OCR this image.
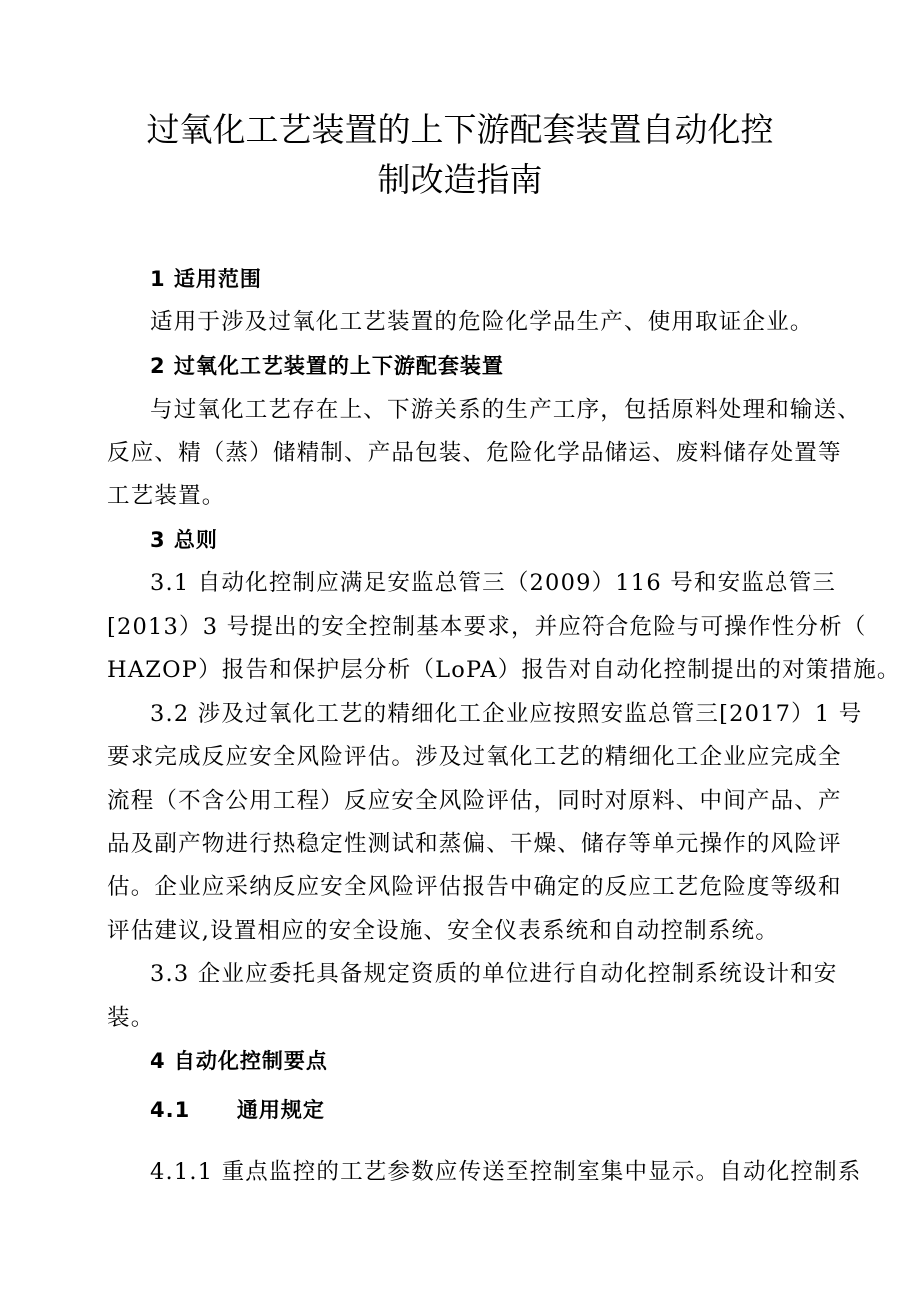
过氧化工艺装置的上下游配套装置自动化控
制改造指南
1 适用范围
适用于涉及过氧化工艺装置的危险化学品生产、使用取证企业。
2 过氧化工艺装置的上下游配套装置
与过氧化工艺存在上、下游关系的生产工序，包括原料处理和输送、
反应、精（蒸）储精制、产品包装、危险化学品储运、废料储存处置等
工艺装置。
3 总则
3.1 自动化控制应满足安监总管三（2009）116 号和安监总管三
[2013）3 号提出的安全控制基本要求，并应符合危险与可操作性分析（
HAZOP）报告和保护层分析（LoPA）报告对自动化控制提出的对策措施。
3.2 涉及过氧化工艺的精细化工企业应按照安监总管三[2017）1 号
要求完成反应安全风险评估。涉及过氧化工艺的精细化工企业应完成全
流程（不含公用工程）反应安全风险评估，同时对原料、中间产品、产
品及副产物进行热稳定性测试和蒸偏、干燥、储存等单元操作的风险评
估。企业应采纳反应安全风险评估报告中确定的反应工艺危险度等级和
评估建议,设置相应的安全设施、安全仪表系统和自动控制系统。
3.3 企业应委托具备规定资质的单位进行自动化控制系统设计和安
装。
4 自动化控制要点
4.1 通用规定
4.1.1 重点监控的工艺参数应传送至控制室集中显示。自动化控制系
